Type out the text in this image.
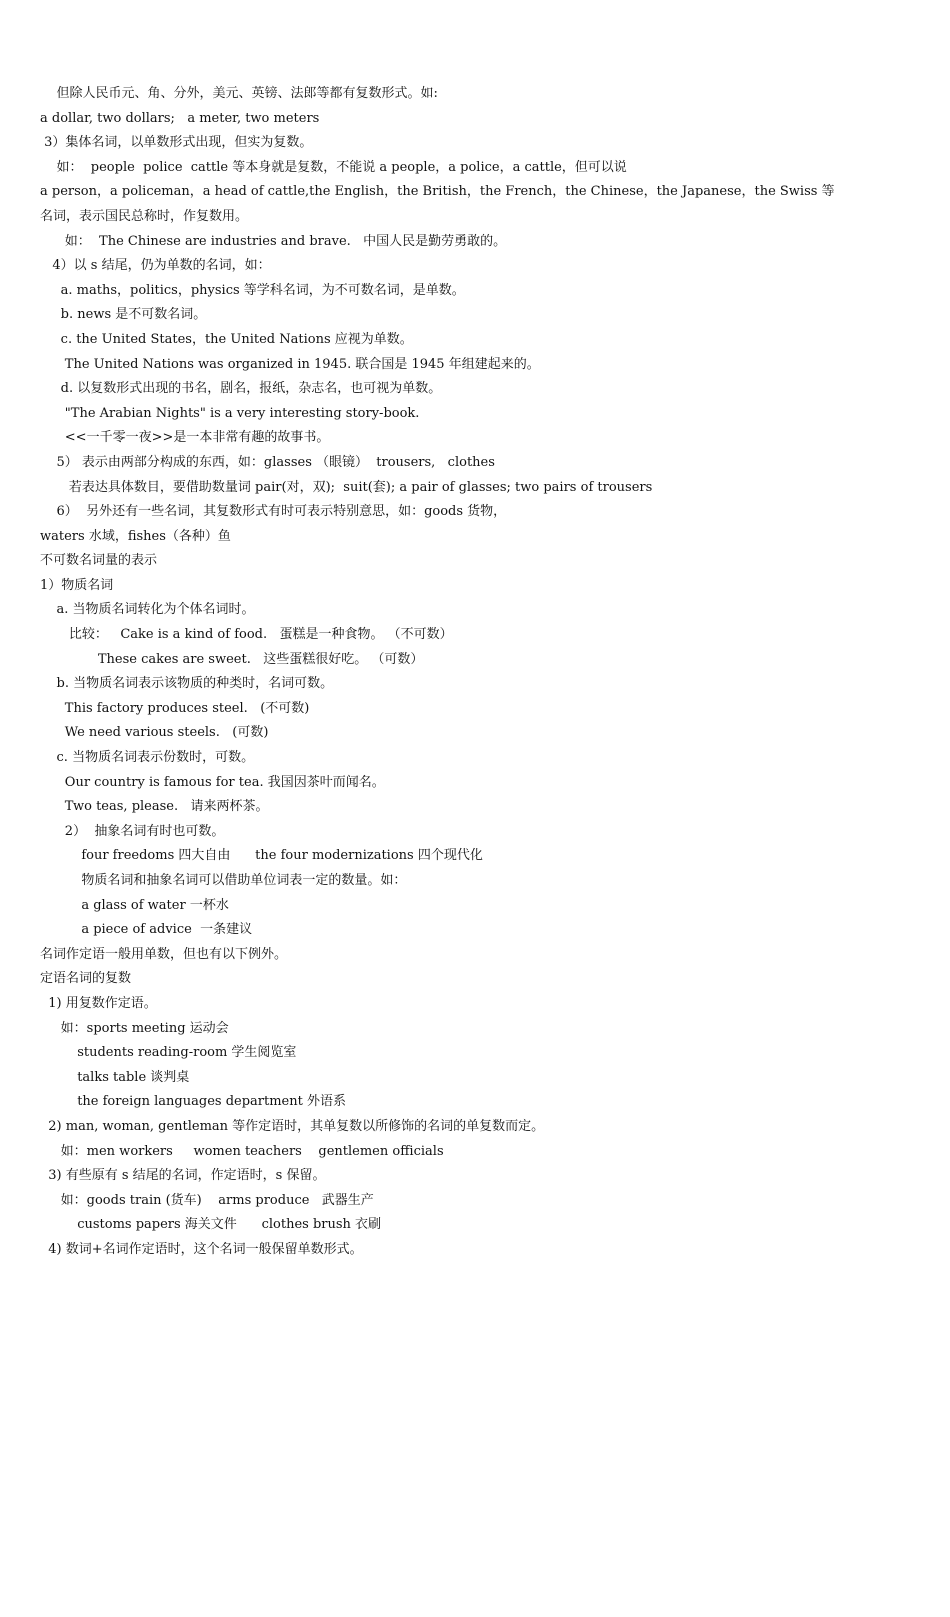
但除人民币元、角、分外，美元、英镑、法郎等都有复数形式。如:
a dollar, two dollars;   a meter, two meters
3）集体名词，以单数形式出现，但实为复数。
如：  people  police  cattle 等本身就是复数，不能说 a people，a police，a cattle，但可以说
a person，a policeman，a head of cattle,the English，the British，the French，the Chinese，the Japanese，the Swiss 等
名词，表示国民总称时，作复数用。
如：  The Chinese are industries and brave.   中国人民是勤劳勇敢的。
4）以 s 结尾，仍为单数的名词，如：
a. maths，politics，physics 等学科名词，为不可数名词，是单数。
b. news 是不可数名词。
c. the United States，the United Nations 应视为单数。
The United Nations was organized in 1945. 联合国是 1945 年组建起来的。
d. 以复数形式出现的书名，剧名，报纸，杂志名，也可视为单数。
"The Arabian Nights" is a very interesting story-book.
<<一千零一夜>>是一本非常有趣的故事书。
5） 表示由两部分构成的东西，如：glasses （眼镜）  trousers,   clothes
若表达具体数目，要借助数量词 pair(对，双);  suit(套); a pair of glasses; two pairs of trousers
6）  另外还有一些名词，其复数形式有时可表示特别意思，如：goods 货物，
waters 水域，fishes（各种）鱼
不可数名词量的表示
1）物质名词
a. 当物质名词转化为个体名词时。
比较：   Cake is a kind of food.   蛋糕是一种食物。 （不可数）
These cakes are sweet.   这些蛋糕很好吃。 （可数）
b. 当物质名词表示该物质的种类时，名词可数。
This factory produces steel.   (不可数)
We need various steels.   (可数)
c. 当物质名词表示份数时，可数。
Our country is famous for tea. 我国因茶叶而闻名。
Two teas, please.   请来两杯茶。
2）  抽象名词有时也可数。
four freedoms 四大自由      the four modernizations 四个现代化
物质名词和抽象名词可以借助单位词表一定的数量。如：
a glass of water 一杯水
a piece of advice  一条建议
名词作定语一般用单数，但也有以下例外。
定语名词的复数
1) 用复数作定语。
如：sports meeting 运动会
students reading-room 学生阅览室
talks table 谈判桌
the foreign languages department 外语系
2) man, woman, gentleman 等作定语时，其单复数以所修饰的名词的单复数而定。
如：men workers     women teachers    gentlemen officials
3) 有些原有 s 结尾的名词，作定语时，s 保留。
如：goods train (货车)    arms produce   武器生产
customs papers 海关文件      clothes brush 衣刷
4) 数词+名词作定语时，这个名词一般保留单数形式。
